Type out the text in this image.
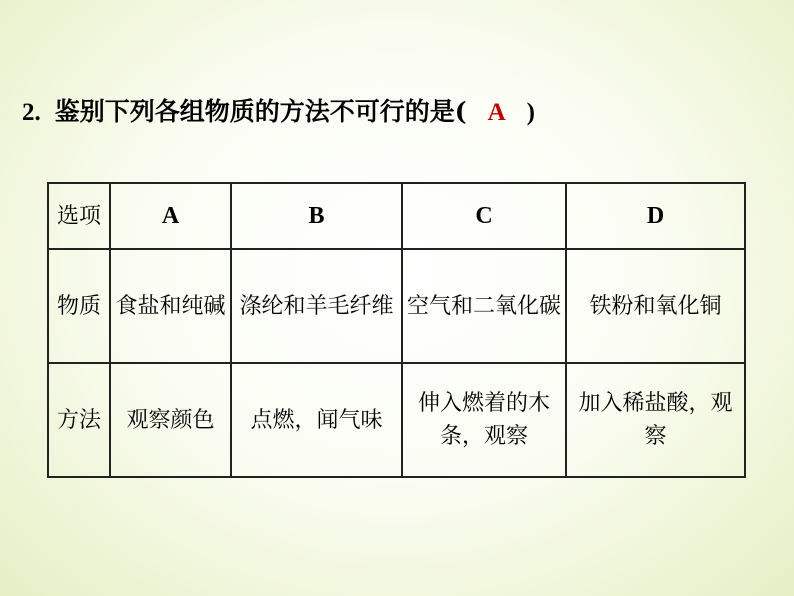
2. 鉴别下列各组物质的方法不可行的是( A )
选项	A	B	C	D
物质	食盐和纯碱	涤纶和羊毛纤维	空气和二氧化碳	铁粉和氧化铜
方法	观察颜色	点燃，闻气味	伸入燃着的木条，观察	加入稀盐酸，观察
